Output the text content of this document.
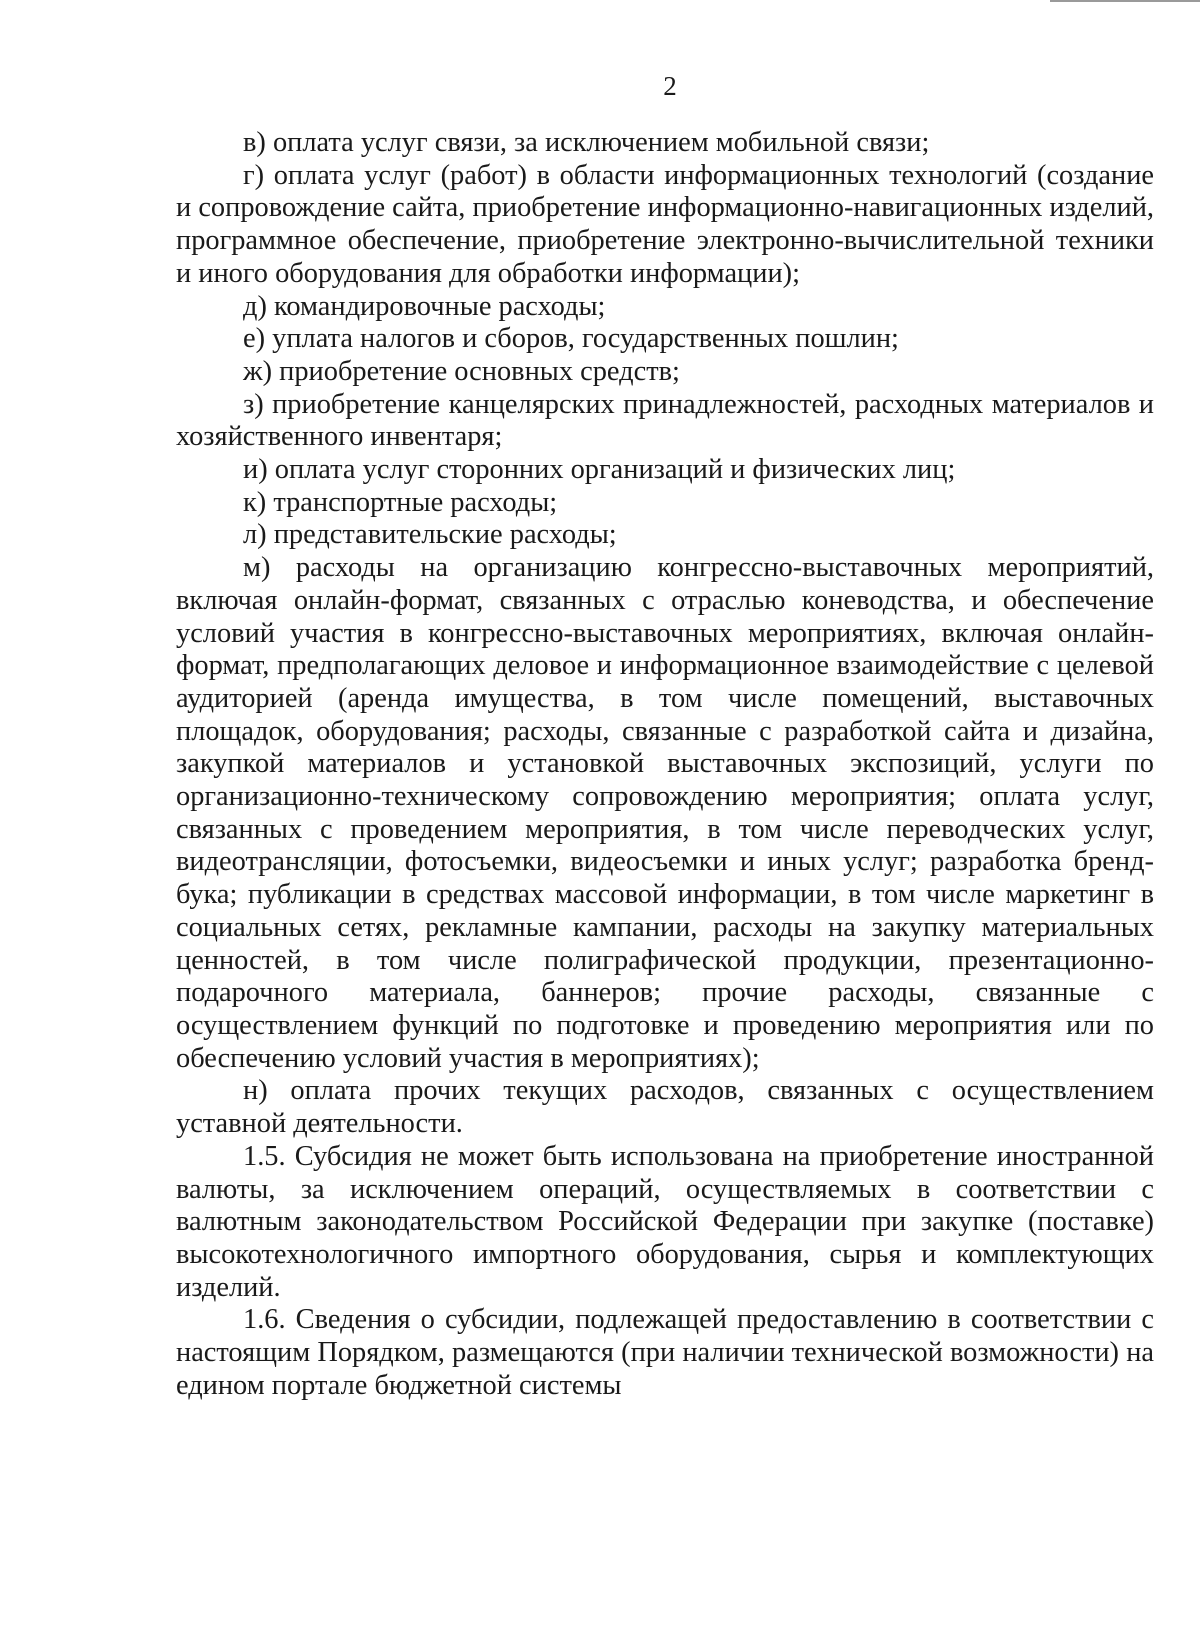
2

в) оплата услуг связи, за исключением мобильной связи;

г) оплата услуг (работ) в области информационных технологий (создание и сопровождение сайта, приобретение информационно-навигационных изделий, программное обеспечение, приобретение электронно-вычислительной техники и иного оборудования для обработки информации);

д) командировочные расходы;

е) уплата налогов и сборов, государственных пошлин;

ж) приобретение основных средств;

з) приобретение канцелярских принадлежностей, расходных материалов и хозяйственного инвентаря;

и) оплата услуг сторонних организаций и физических лиц;

к) транспортные расходы;

л) представительские расходы;

м) расходы на организацию конгрессно-выставочных мероприятий, включая онлайн-формат, связанных с отраслью коневодства, и обеспечение условий участия в конгрессно-выставочных мероприятиях, включая онлайн-формат, предполагающих деловое и информационное взаимодействие с целевой аудиторией (аренда имущества, в том числе помещений, выставочных площадок, оборудования; расходы, связанные с разработкой сайта и дизайна, закупкой материалов и установкой выставочных экспозиций, услуги по организационно-техническому сопровождению мероприятия; оплата услуг, связанных с проведением мероприятия, в том числе переводческих услуг, видеотрансляции, фотосъемки, видеосъемки и иных услуг; разработка бренд-бука; публикации в средствах массовой информации, в том числе маркетинг в социальных сетях, рекламные кампании, расходы на закупку материальных ценностей, в том числе полиграфической продукции, презентационно-подарочного материала, баннеров; прочие расходы, связанные с осуществлением функций по подготовке и проведению мероприятия или по обеспечению условий участия в мероприятиях);

н) оплата прочих текущих расходов, связанных с осуществлением уставной деятельности.

1.5. Субсидия не может быть использована на приобретение иностранной валюты, за исключением операций, осуществляемых в соответствии с валютным законодательством Российской Федерации при закупке (поставке) высокотехнологичного импортного оборудования, сырья и комплектующих изделий.

1.6. Сведения о субсидии, подлежащей предоставлению в соответствии с настоящим Порядком, размещаются (при наличии технической возможности) на едином портале бюджетной системы
